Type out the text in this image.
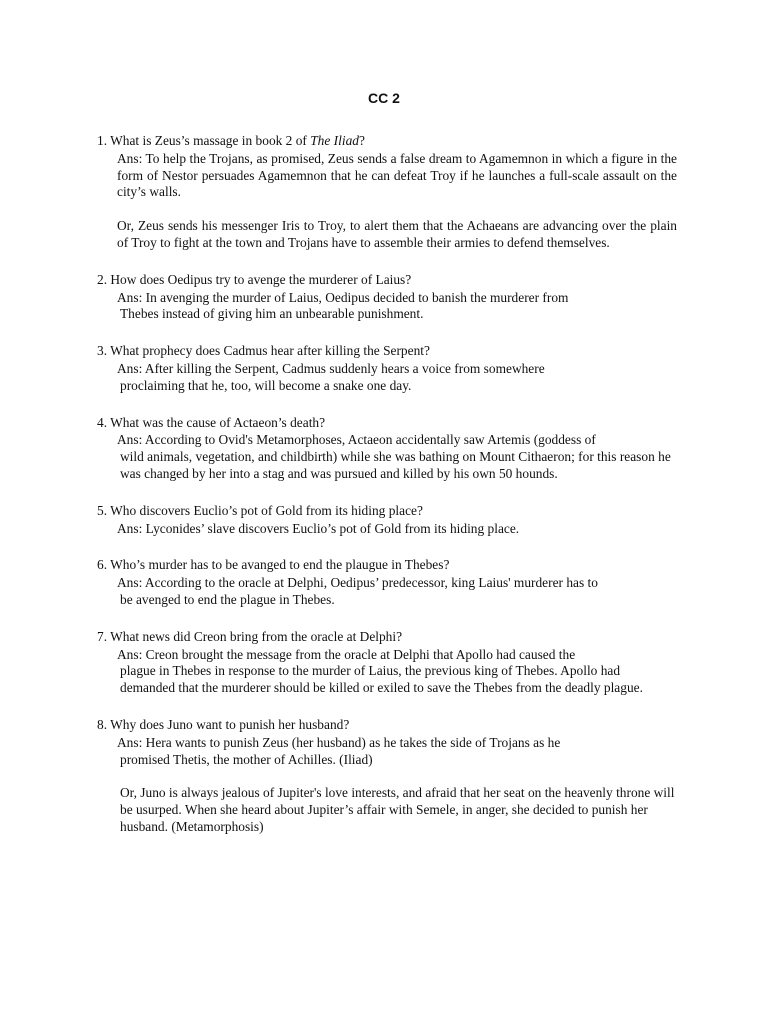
CC 2
1. What is Zeus’s massage in book 2 of The Iliad?

Ans: To help the Trojans, as promised, Zeus sends a false dream to Agamemnon in which a figure in the form of Nestor persuades Agamemnon that he can defeat Troy if he launches a full-scale assault on the city’s walls.

Or, Zeus sends his messenger Iris to Troy, to alert them that the Achaeans are advancing over the plain of Troy to fight at the town and Trojans have to assemble their armies to defend themselves.

2. How does Oedipus try to avenge the murderer of Laius?
Ans: In avenging the murder of Laius, Oedipus decided to banish the murderer from
Thebes instead of giving him an unbearable punishment.
3. What prophecy does Cadmus hear after killing the Serpent?
Ans: After killing the Serpent, Cadmus suddenly hears a voice from somewhere
proclaiming that he, too, will become a snake one day.
4. What was the cause of Actaeon’s death?
Ans: According to Ovid's Metamorphoses, Actaeon accidentally saw Artemis (goddess of
wild animals, vegetation, and childbirth) while she was bathing on Mount Cithaeron; for this reason he was changed by her into a stag and was pursued and killed by his own 50 hounds.
5. Who discovers Euclio’s pot of Gold from its hiding place?
Ans: Lyconides’ slave discovers Euclio’s pot of Gold from its hiding place.
6. Who’s murder has to be avanged to end the plaugue in Thebes?
Ans: According to the oracle at Delphi, Oedipus’ predecessor, king Laius' murderer has to
be avenged to end the plague in Thebes.
7. What news did Creon bring from the oracle at Delphi?
Ans: Creon brought the message from the oracle at Delphi that Apollo had caused the
plague in Thebes in response to the murder of Laius, the previous king of Thebes. Apollo had demanded that the murderer should be killed or exiled to save the Thebes from the deadly plague.
8. Why does Juno want to punish her husband?
Ans: Hera wants to punish Zeus (her husband) as he takes the side of Trojans as he
promised Thetis, the mother of Achilles. (Iliad)

Or, Juno is always jealous of Jupiter's love interests, and afraid that her seat on the heavenly throne will be usurped. When she heard about Jupiter’s affair with Semele, in anger, she decided to punish her husband. (Metamorphosis)
